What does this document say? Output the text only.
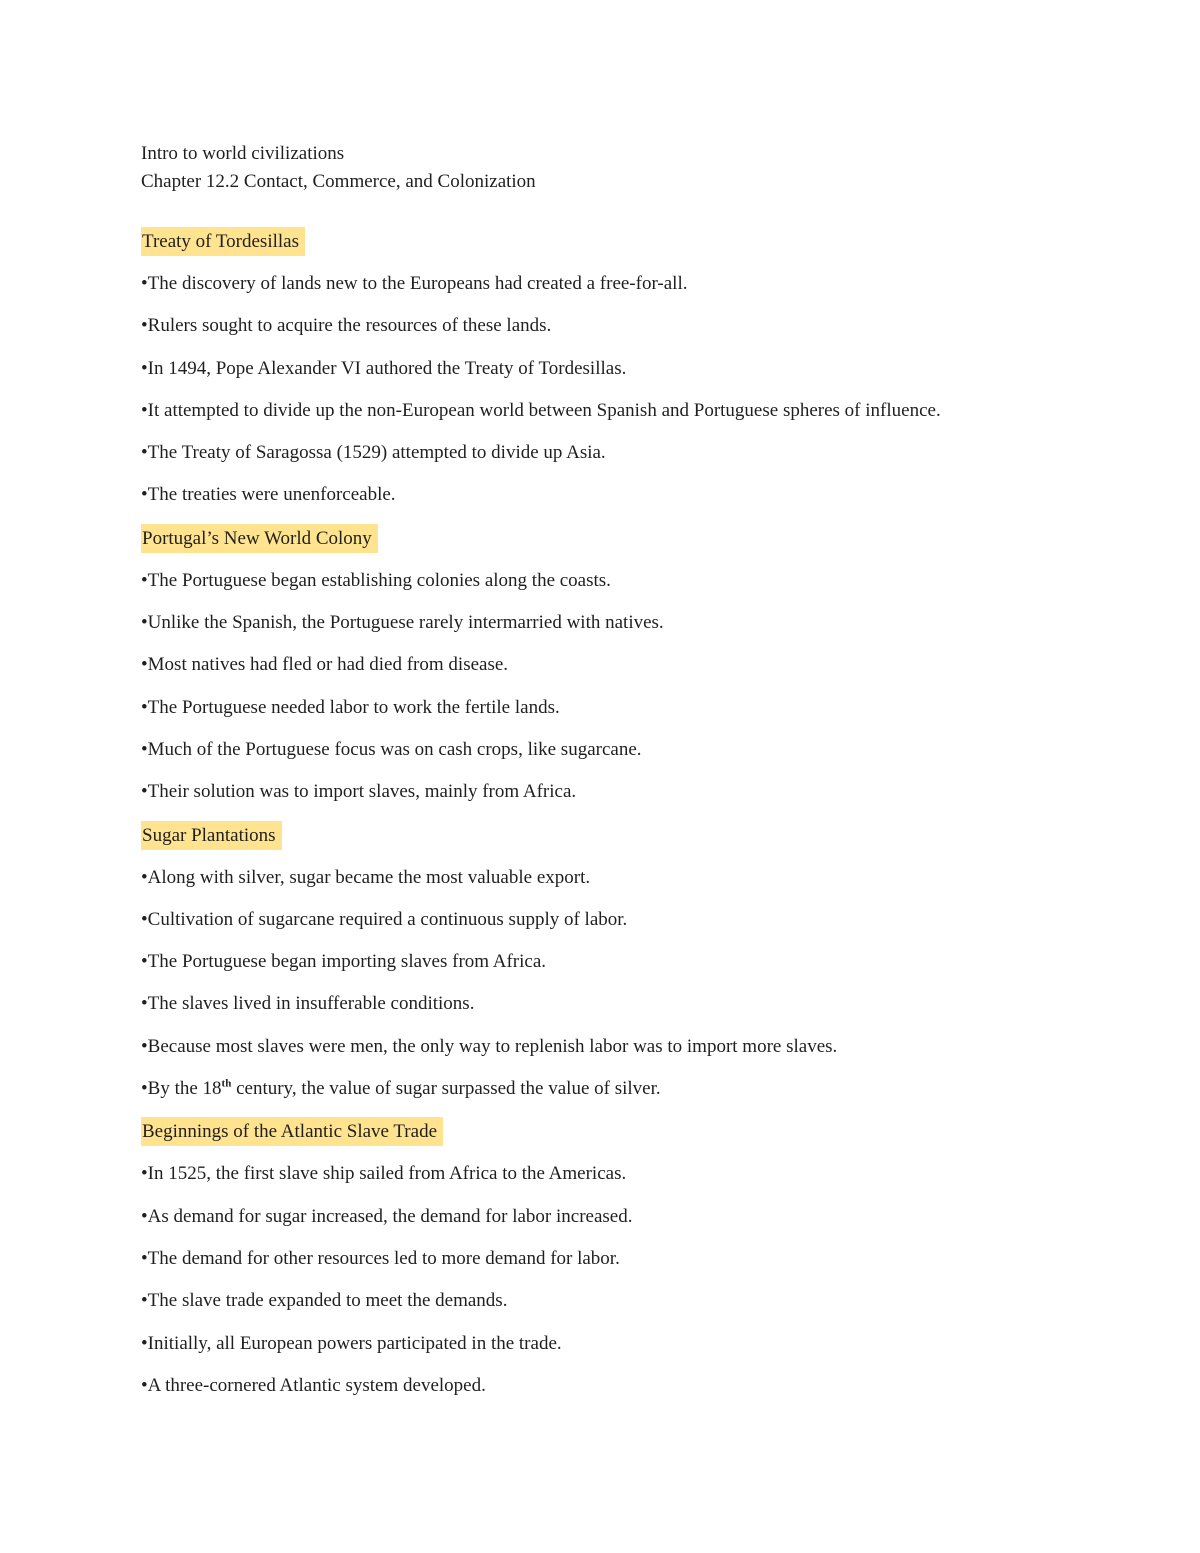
Intro to world civilizations
Chapter 12.2 Contact, Commerce, and Colonization
Treaty of Tordesillas
•The discovery of lands new to the Europeans had created a free-for-all.
•Rulers sought to acquire the resources of these lands.
•In 1494, Pope Alexander VI authored the Treaty of Tordesillas.
•It attempted to divide up the non-European world between Spanish and Portuguese spheres of influence.
•The Treaty of Saragossa (1529) attempted to divide up Asia.
•The treaties were unenforceable.
Portugal’s New World Colony
•The Portuguese began establishing colonies along the coasts.
•Unlike the Spanish, the Portuguese rarely intermarried with natives.
•Most natives had fled or had died from disease.
•The Portuguese needed labor to work the fertile lands.
•Much of the Portuguese focus was on cash crops, like sugarcane.
•Their solution was to import slaves, mainly from Africa.
Sugar Plantations
•Along with silver, sugar became the most valuable export.
•Cultivation of sugarcane required a continuous supply of labor.
•The Portuguese began importing slaves from Africa.
•The slaves lived in insufferable conditions.
•Because most slaves were men, the only way to replenish labor was to import more slaves.
•By the 18th century, the value of sugar surpassed the value of silver.
Beginnings of the Atlantic Slave Trade
•In 1525, the first slave ship sailed from Africa to the Americas.
•As demand for sugar increased, the demand for labor increased.
•The demand for other resources led to more demand for labor.
•The slave trade expanded to meet the demands.
•Initially, all European powers participated in the trade.
•A three-cornered Atlantic system developed.
